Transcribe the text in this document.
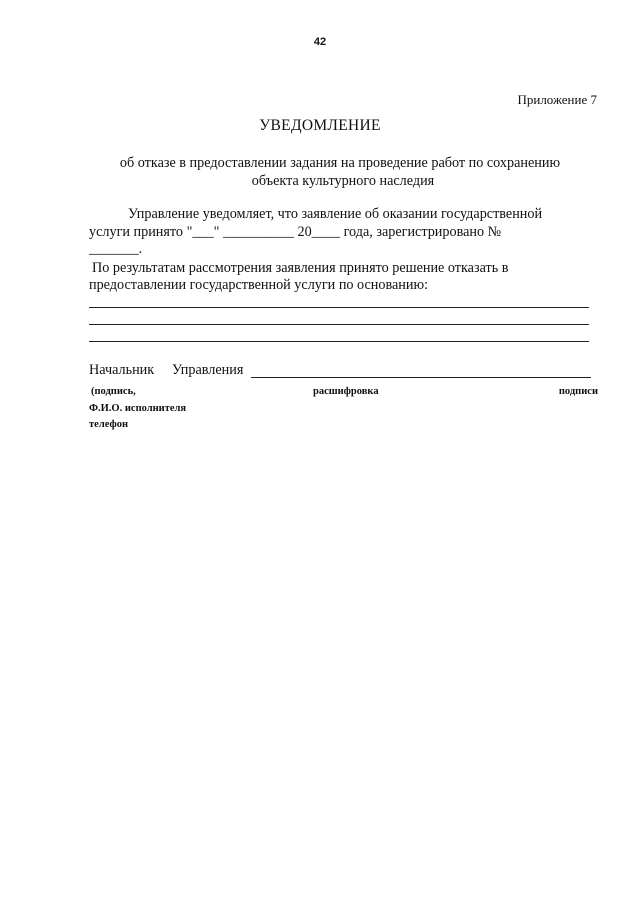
42
Приложение 7
УВЕДОМЛЕНИЕ
об отказе в предоставлении задания на проведение работ по сохранению
объекта культурного наследия
Управление уведомляет, что заявление об оказании государственной
услуги принято "___" __________ 20____ года, зарегистрировано №
_______.
По результатам рассмотрения заявления принято решение отказать в
предоставлении государственной услуги по основанию:
Начальник Управления
(подпись,	расшифровка	подписи
Ф.И.О. исполнителя
телефон
